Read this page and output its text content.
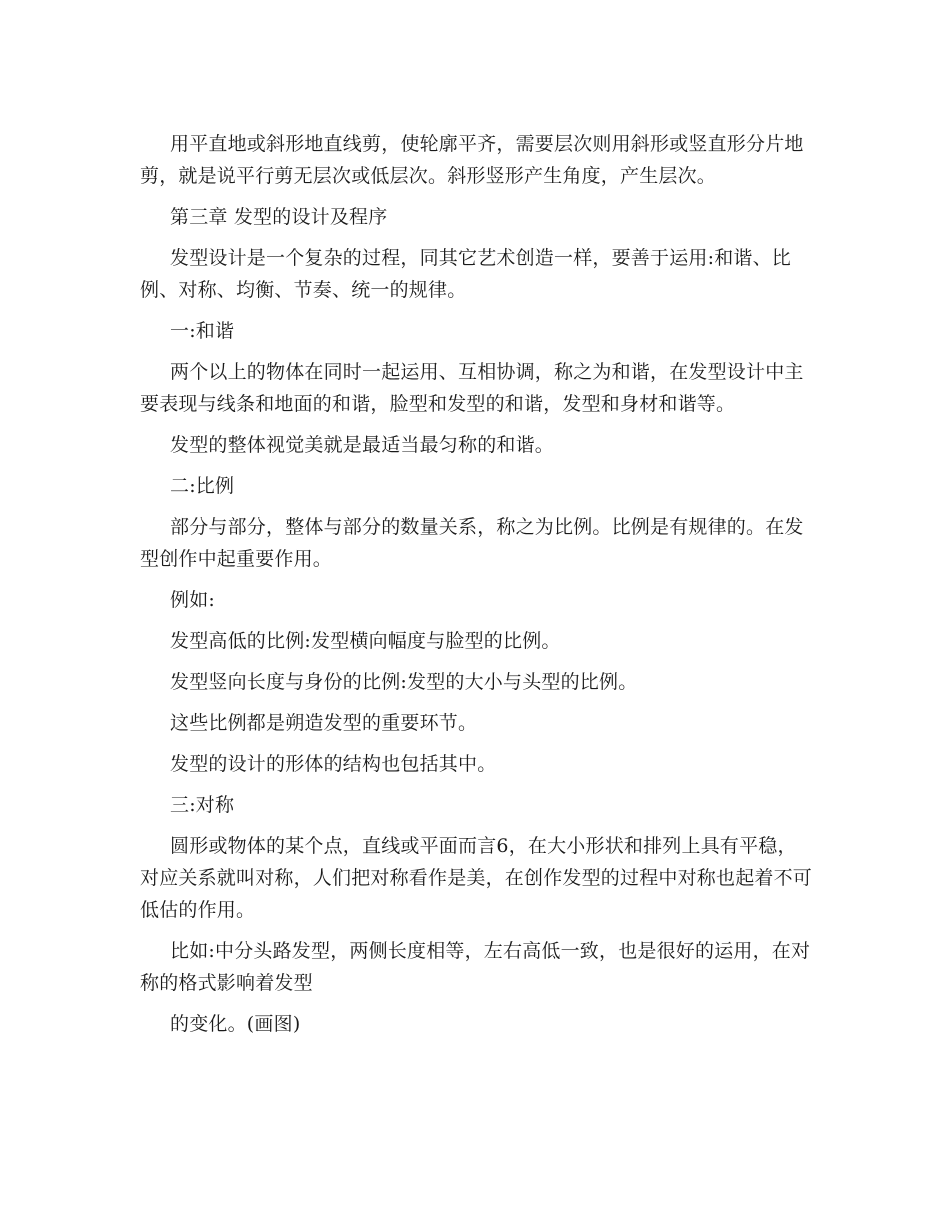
用平直地或斜形地直线剪，使轮廓平齐，需要层次则用斜形或竖直形分片地剪，就是说平行剪无层次或低层次。斜形竖形产生角度，产生层次。

第三章 发型的设计及程序

发型设计是一个复杂的过程，同其它艺术创造一样，要善于运用:和谐、比例、对称、均衡、节奏、统一的规律。

一:和谐

两个以上的物体在同时一起运用、互相协调，称之为和谐，在发型设计中主要表现与线条和地面的和谐，脸型和发型的和谐，发型和身材和谐等。

发型的整体视觉美就是最适当最匀称的和谐。

二:比例

部分与部分，整体与部分的数量关系，称之为比例。比例是有规律的。在发型创作中起重要作用。

例如:

发型高低的比例:发型横向幅度与脸型的比例。

发型竖向长度与身份的比例:发型的大小与头型的比例。

这些比例都是朔造发型的重要环节。

发型的设计的形体的结构也包括其中。

三:对称

圆形或物体的某个点，直线或平面而言6，在大小形状和排列上具有平稳，对应关系就叫对称，人们把对称看作是美，在创作发型的过程中对称也起着不可低估的作用。

比如:中分头路发型，两侧长度相等，左右高低一致，也是很好的运用，在对称的格式影响着发型

的变化。(画图)
